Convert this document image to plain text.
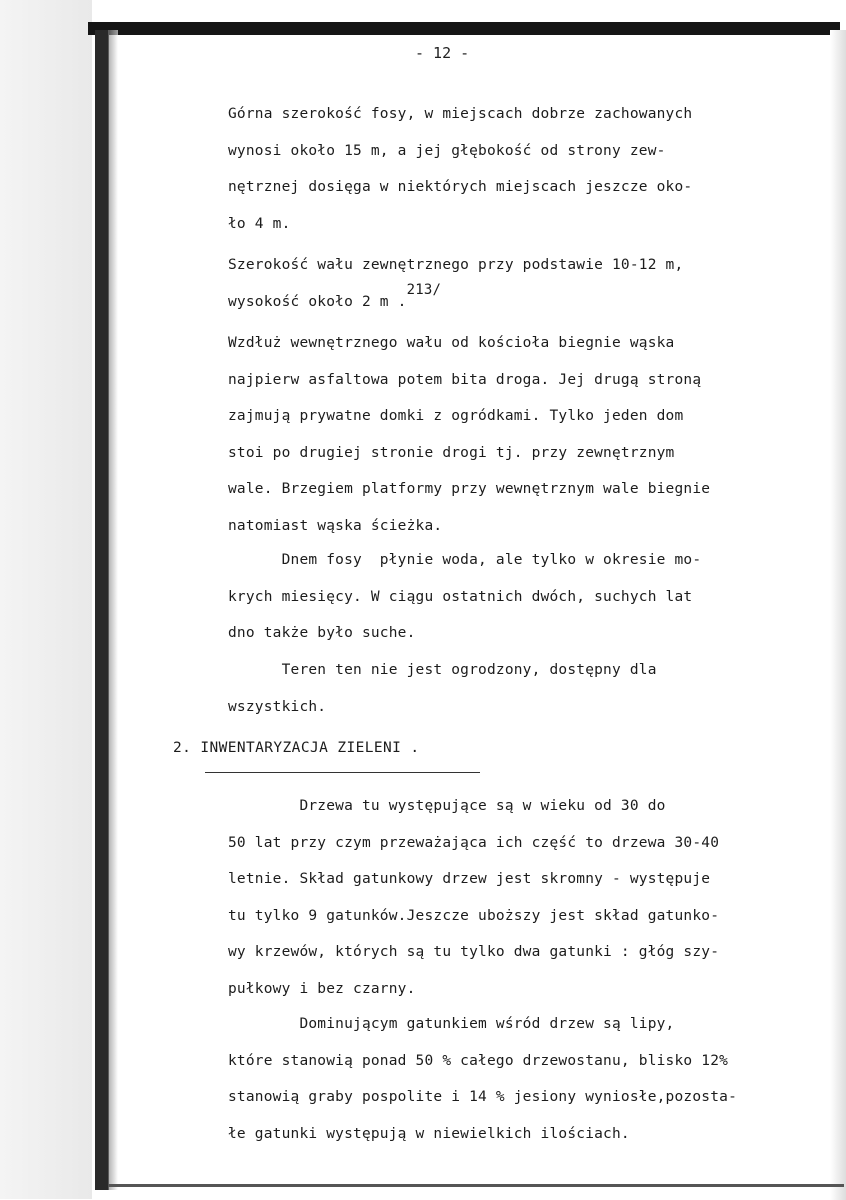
- 12 -
Górna szerokość fosy, w miejscach dobrze zachowanych
wynosi około 15 m, a jej głębokość od strony zew-
nętrznej dosięga w niektórych miejscach jeszcze oko-
ło 4 m.
Szerokość wału zewnętrznego przy podstawie 10-12 m,
wysokość około 2 m .213/
Wzdłuż wewnętrznego wału od kościoła biegnie wąska
najpierw asfaltowa potem bita droga. Jej drugą stroną
zajmują prywatne domki z ogródkami. Tylko jeden dom
stoi po drugiej stronie drogi tj. przy zewnętrznym
wale. Brzegiem platformy przy wewnętrznym wale biegnie
natomiast wąska ścieżka.
Dnem fosy  płynie woda, ale tylko w okresie mo-
krych miesięcy. W ciągu ostatnich dwóch, suchych lat
dno także było suche.
Teren ten nie jest ogrodzony, dostępny dla
wszystkich.
2. INWENTARYZACJA ZIELENI .
Drzewa tu występujące są w wieku od 30 do
50 lat przy czym przeważająca ich część to drzewa 30-40
letnie. Skład gatunkowy drzew jest skromny - występuje
tu tylko 9 gatunków.Jeszcze uboższy jest skład gatunko-
wy krzewów, których są tu tylko dwa gatunki : głóg szy-
pułkowy i bez czarny.
Dominującym gatunkiem wśród drzew są lipy,
które stanowią ponad 50 % całego drzewostanu, blisko 12%
stanowią graby pospolite i 14 % jesiony wyniosłe,pozosta-
łe gatunki występują w niewielkich ilościach.
